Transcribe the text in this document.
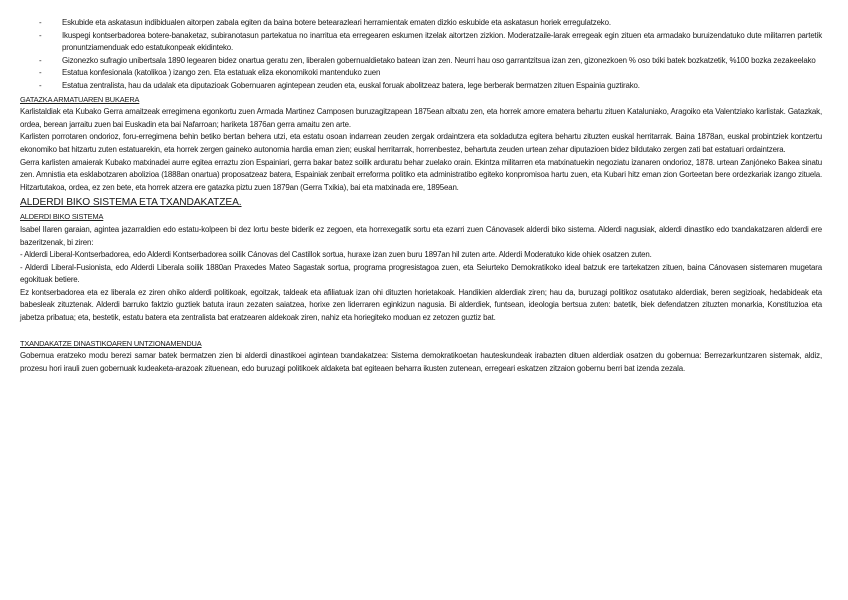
-	Eskubide eta askatasun indibidualen aitorpen zabala egiten da baina botere betearazleari herramientak ematen dizkio eskubide eta askatasun horiek erregulatzeko.
-	Ikuspegi kontserbadorea botere-banaketaz, subiranotasun partekatua no inarritua eta erregearen eskumen itzelak aitortzen zizkion. Moderatzaile-larak erregeak egin zituen eta armadako buruizendatuko dute militarren partetik pronuntziamenduak edo estatukonpeak ekidinteko.
-	Gizonezko sufragio unibertsala 1890 legearen bidez onartua geratu zen, liberalen gobernualdietako batean izan zen. Neurri hau oso garrantzitsua izan zen, gizonezkoen % oso txiki batek bozkatzetik, %100 bozka zezakeelako
-	Estatua konfesionala (katolikoa ) izango zen. Eta estatuak eliza ekonomikoki mantenduko zuen
-	Estatua zentralista, hau da udalak eta diputazioak Gobernuaren agintepean zeuden eta, euskal foruak abolitzeaz batera, lege berberak bermatzen zituen Espainia guztirako.
GATAZKA ARMATUAREN BUKAERA

Karlistaldiak eta Kubako Gerra amaitzeak erregimena egonkortu zuen Armada Martinez Camposen buruzagitzapean 1875ean altxatu zen, eta horrek amore ematera behartu zituen Kataluniako, Aragoiko eta Valentziako karlistak. Gatazkak, ordea, berean jarraitu zuen bai Euskadin eta bai Nafarroan; hariketa 1876an gerra amaitu zen arte.

Karlisten porrotaren ondorioz, foru-erregimena behin betiko bertan behera utzi, eta estatu osoan indarrean zeuden zergak ordaintzera eta soldadutza egitera behartu zituzten euskal herritarrak. Baina 1878an, euskal probintziek kontzertu ekonomiko bat hitzartu zuten estatuarekin, eta horrek zergen gaineko autonomia hardia eman zien; euskal herritarrak, horrenbestez, behartuta zeuden urtean zehar diputazioen bidez bildutako zergen zati bat estatuari ordaintzera.

Gerra karlisten amaierak Kubako matxinadei aurre egitea erraztu zion Espainiari, gerra bakar batez soilik arduratu behar zuelako orain. Ekintza militarren eta matxinatuekin negoziatu izanaren ondorioz, 1878. urtean Zanjóneko Bakea sinatu zen. Amnistia eta esklabotzaren abolizioa (1888an onartua) proposatzeaz batera, Espainiak zenbait erreforma politiko eta administratibo egiteko konpromisoa hartu zuen, eta Kubari hitz eman zion Gorteetan bere ordezkariak izango zituela. Hitzartutakoa, ordea, ez zen bete, eta horrek atzera ere gatazka piztu zuen 1879an (Gerra Txikia), bai eta matxinada ere, 1895ean.

ALDERDI BIKO SISTEMA ETA TXANDAKATZEA.
ALDERDI BIKO SISTEMA

Isabel IIaren garaian, agintea jazarraldien edo estatu-kolpeen bi dez lortu beste biderik ez zegoen, eta horrexegatik sortu eta ezarri zuen Cánovasek alderdi biko sistema. Alderdi nagusiak, alderdi dinastiko edo txandakatzaren alderdi ere bazeritzenak, bi ziren:

- Alderdi Liberal-Kontserbadorea, edo Alderdi Kontserbadorea soilik Cánovas del Castillok sortua, huraxe izan zuen buru 1897an hil zuten arte. Alderdi Moderatuko kide ohiek osatzen zuten.

- Alderdi Liberal-Fusionista, edo Alderdi Liberala soilik 1880an Praxedes Mateo Sagastak sortua, programa progresistagoa zuen, eta Seiurteko Demokratikoko ideal batzuk ere tartekatzen zituen, baina Cánovasen sistemaren mugetara egokituak betiere.

Ez kontserbadorea eta ez liberala ez ziren ohiko alderdi politikoak, egoitzak, taldeak eta afiliatuak izan ohi dituzten horietakoak. Handikien alderdiak ziren; hau da, buruzagi politikoz osatutako alderdiak, beren segizioak, hedabideak eta babesleak zituztenak. Alderdi barruko faktzio guztiek batuta iraun zezaten saiatzea, horixe zen liderraren eginkizun nagusia. Bi alderdiek, funtsean, ideologia bertsua zuten: batetik, biek defendatzen zituzten monarkia, Konstituzioa eta jabetza pribatua; eta, bestetik, estatu batera eta zentralista bat eratzearen aldekoak ziren, nahiz eta horiegiteko moduan ez zetozen guztiz bat.

TXANDAKATZE DINASTIKOAREN UNTZIONAMENDUA

Gobernua eratzeko modu berezi samar batek bermatzen zien bi alderdi dinastikoei agintean txandakatzea: Sistema demokratikoetan hauteskundeak irabazten dituen alderdiak osatzen du gobernua: Berrezarkuntzaren sistemak, aldiz, prozesu hori irauli zuen gobernuak kudeaketa-arazoak zituenean, edo buruzagi politikoek aldaketa bat egiteaen beharra ikusten zutenean, erregeari eskatzen zitzaion gobernu berri bat izenda zezala.
